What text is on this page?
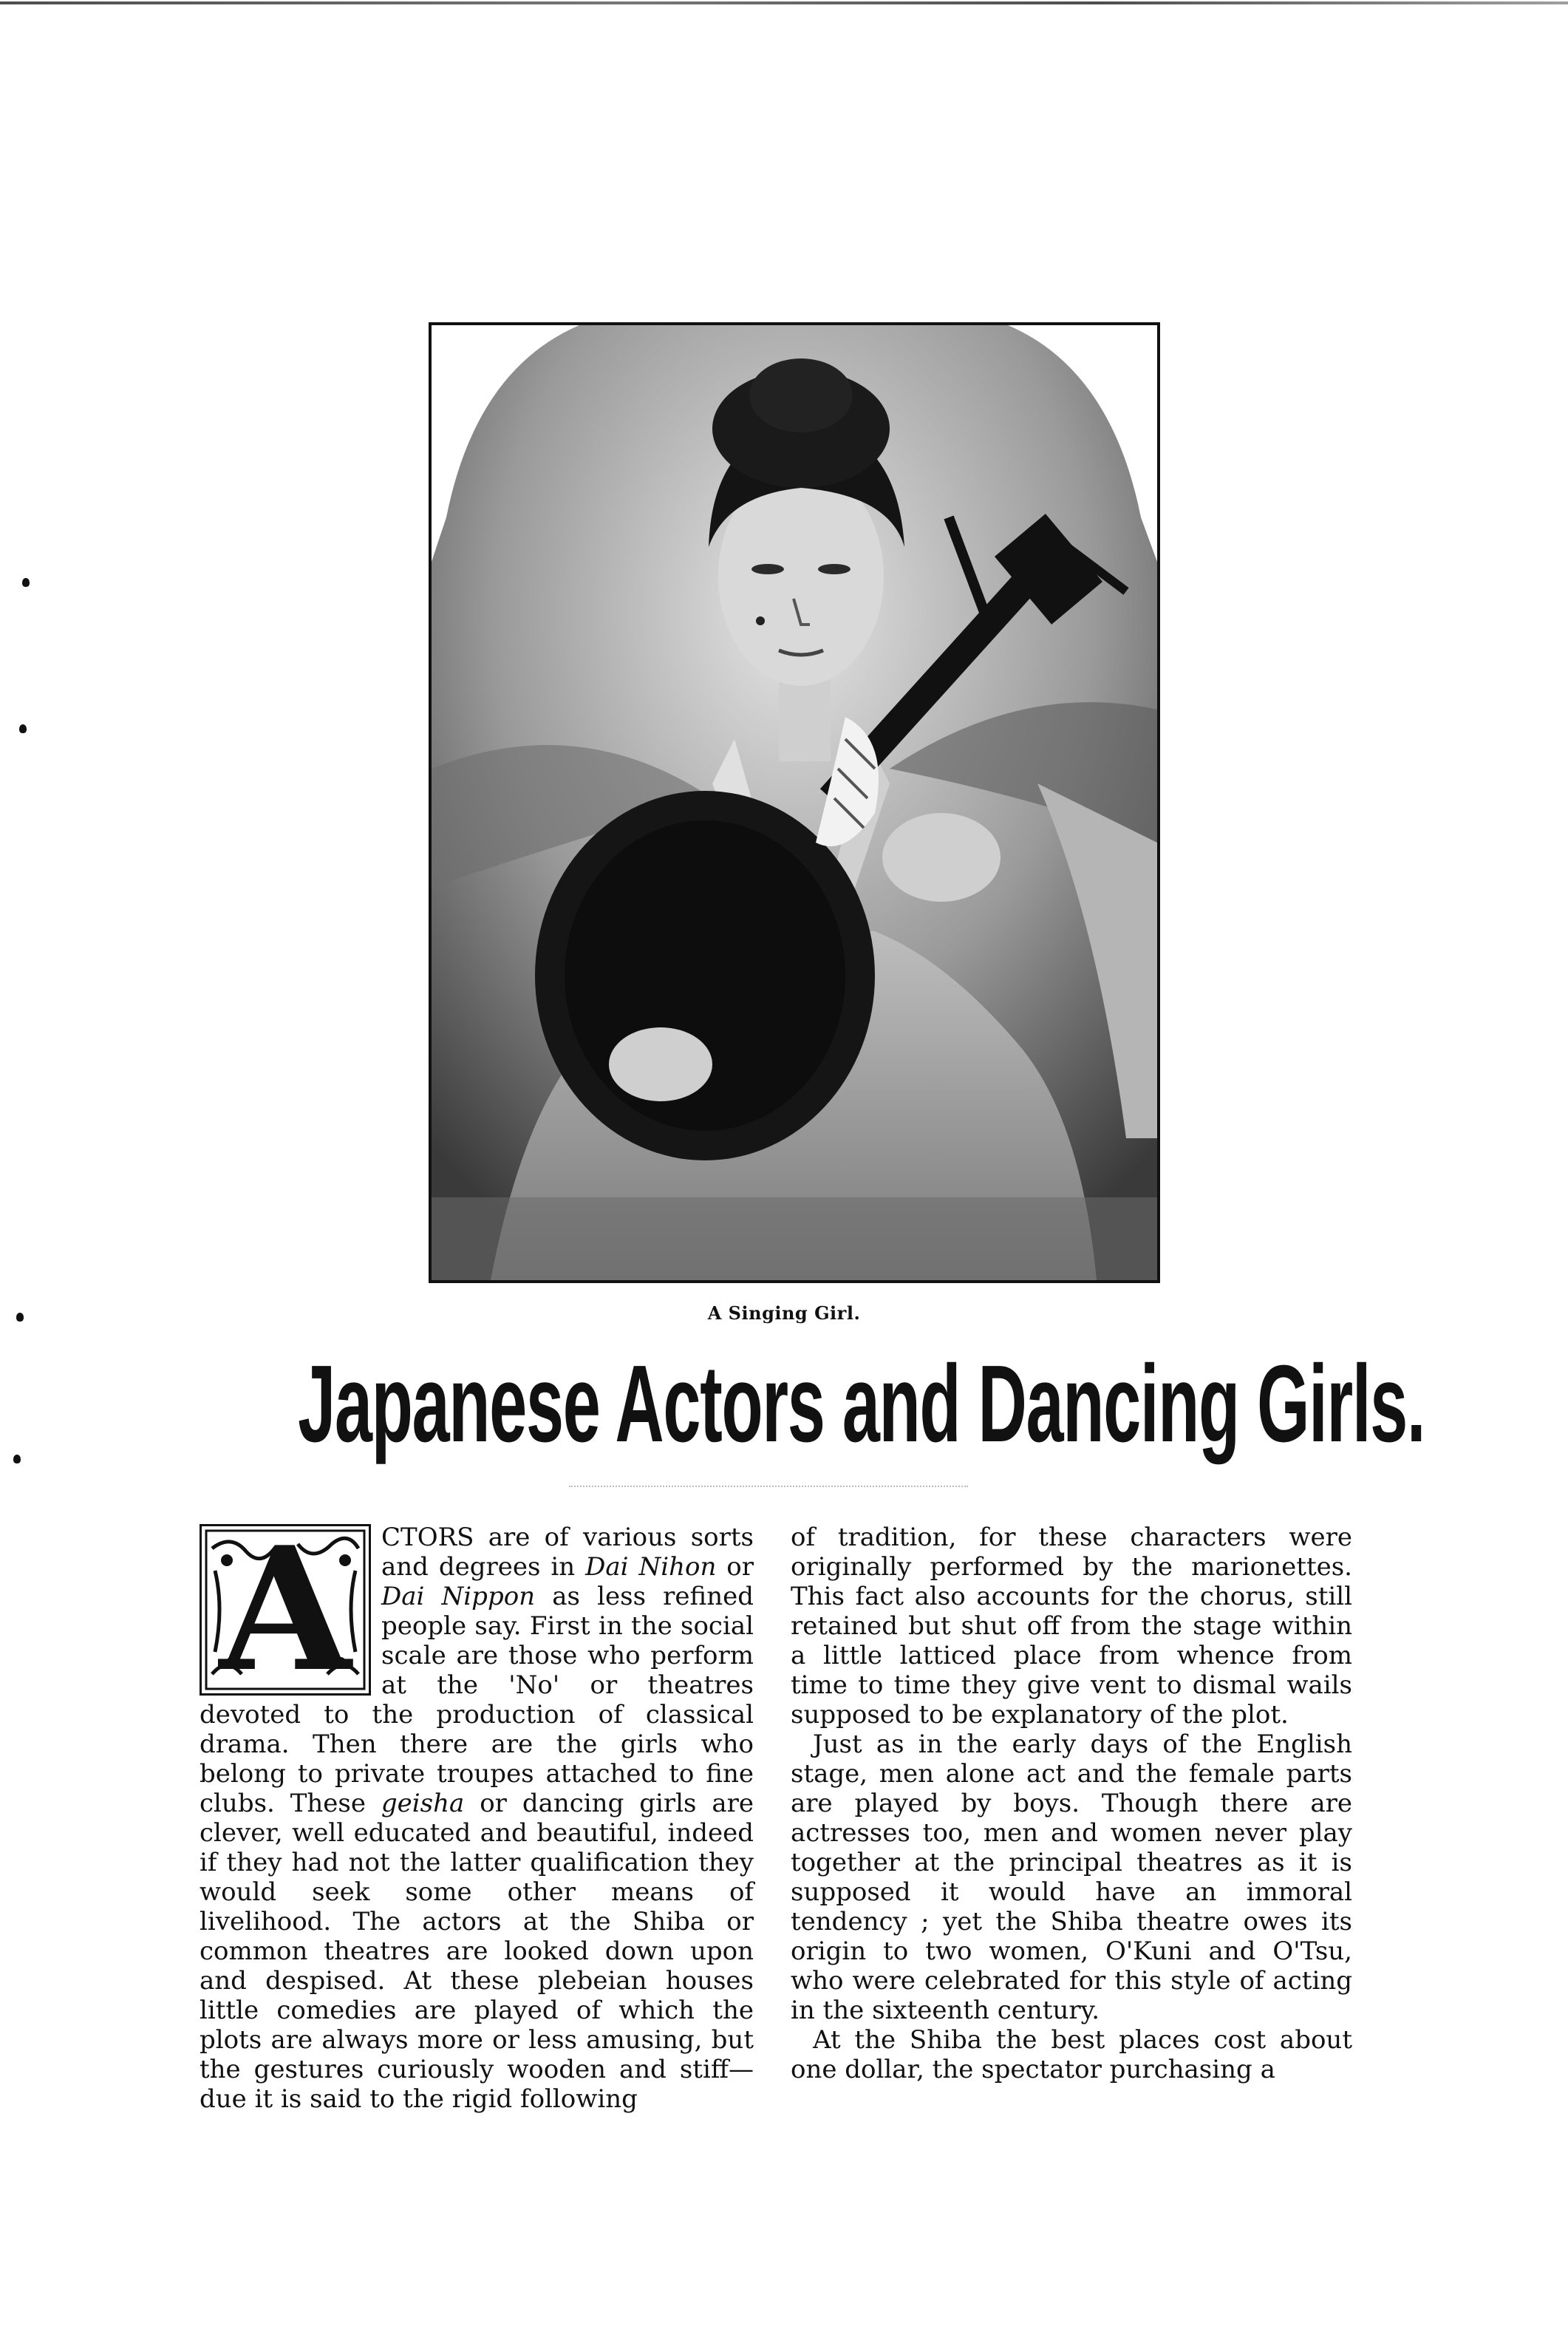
A Singing Girl.
Japanese Actors and Dancing Girls.

A	CTORS are of various sorts and degrees in Dai Nihon or Dai Nippon as less refined people say. First in the social scale are those who perform at the 'No' or theatres devoted to the production of classical drama. Then there are the girls who belong to private troupes attached to fine clubs. These geisha or dancing girls are clever, well educated and beautiful, indeed if they had not the latter qualification they would seek some other means of livelihood. The actors at the Shiba or common theatres are looked down upon and despised. At these plebeian houses little comedies are played of which the plots are always more or less amusing, but the gestures curiously wooden and stiff—due it is said to the rigid following

of tradition, for these characters were originally performed by the marionettes. This fact also accounts for the chorus, still retained but shut off from the stage within a little latticed place from whence from time to time they give vent to dismal wails supposed to be explanatory of the plot.

Just as in the early days of the English stage, men alone act and the female parts are played by boys. Though there are actresses too, men and women never play together at the principal theatres as it is supposed it would have an immoral tendency ; yet the Shiba theatre owes its origin to two women, O'Kuni and O'Tsu, who were celebrated for this style of acting in the sixteenth century.

At the Shiba the best places cost about one dollar, the spectator purchasing a
